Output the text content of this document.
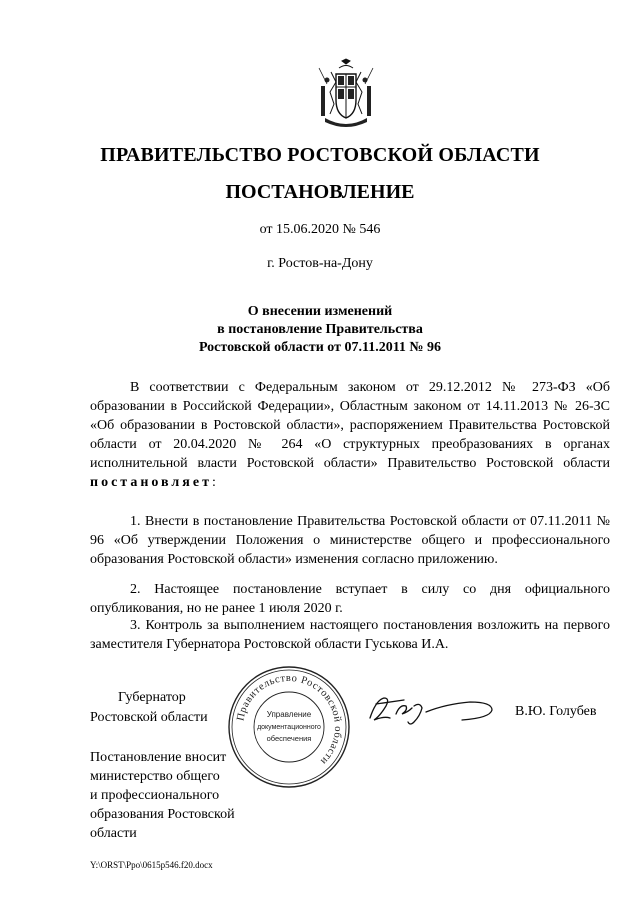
ПРАВИТЕЛЬСТВО РОСТОВСКОЙ ОБЛАСТИ
ПОСТАНОВЛЕНИЕ
от 15.06.2020 № 546
г. Ростов-на-Дону
О внесении изменений
в постановление Правительства
Ростовской области от 07.11.2011 № 96
В соответствии с Федеральным законом от 29.12.2012 № 273-ФЗ «Об образовании в Российской Федерации», Областным законом от 14.11.2013 № 26-ЗС «Об образовании в Ростовской области», распоряжением Правительства Ростовской области от 20.04.2020 № 264 «О структурных преобразованиях в органах исполнительной власти Ростовской области» Правительство Ростовской области постановляет:
1. Внести в постановление Правительства Ростовской области от 07.11.2011 № 96 «Об утверждении Положения о министерстве общего и профессионального образования Ростовской области» изменения согласно приложению.
2. Настоящее постановление вступает в силу со дня официального опубликования, но не ранее 1 июля 2020 г.
3. Контроль за выполнением настоящего постановления возложить на первого заместителя Губернатора Ростовской области Гуськова И.А.
Губернатор
Ростовской области	Правительство Ростовской области
Управление
документационного
обеспечения
В.Ю. Голубев
Постановление вносит
министерство общего
и профессионального
образования Ростовской
области
Y:\ORST\Ppo\0615p546.f20.docx
